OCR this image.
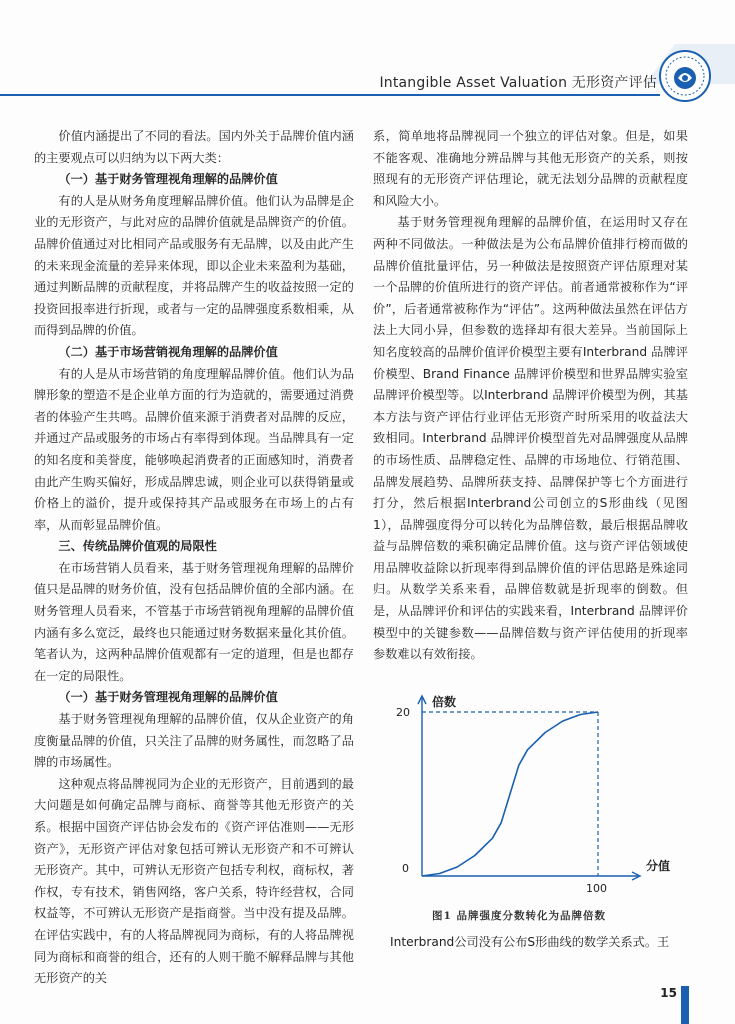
Intangible Asset Valuation 无形资产评估

价值内涵提出了不同的看法。国内外关于品牌价值内涵的主要观点可以归纳为以下两大类：

（一）基于财务管理视角理解的品牌价值

有的人是从财务角度理解品牌价值。他们认为品牌是企业的无形资产，与此对应的品牌价值就是品牌资产的价值。品牌价值通过对比相同产品或服务有无品牌，以及由此产生的未来现金流量的差异来体现，即以企业未来盈利为基础，通过判断品牌的贡献程度，并将品牌产生的收益按照一定的投资回报率进行折现，或者与一定的品牌强度系数相乘，从而得到品牌的价值。

（二）基于市场营销视角理解的品牌价值

有的人是从市场营销的角度理解品牌价值。他们认为品牌形象的塑造不是企业单方面的行为造就的，需要通过消费者的体验产生共鸣。品牌价值来源于消费者对品牌的反应，并通过产品或服务的市场占有率得到体现。当品牌具有一定的知名度和美誉度，能够唤起消费者的正面感知时，消费者由此产生购买偏好，形成品牌忠诚，则企业可以获得销量或价格上的溢价，提升或保持其产品或服务在市场上的占有率，从而彰显品牌价值。

三、传统品牌价值观的局限性

在市场营销人员看来，基于财务管理视角理解的品牌价值只是品牌的财务价值，没有包括品牌价值的全部内涵。在财务管理人员看来，不管基于市场营销视角理解的品牌价值内涵有多么宽泛，最终也只能通过财务数据来量化其价值。笔者认为，这两种品牌价值观都有一定的道理，但是也都存在一定的局限性。

（一）基于财务管理视角理解的品牌价值

基于财务管理视角理解的品牌价值，仅从企业资产的角度衡量品牌的价值，只关注了品牌的财务属性，而忽略了品牌的市场属性。

这种观点将品牌视同为企业的无形资产，目前遇到的最大问题是如何确定品牌与商标、商誉等其他无形资产的关系。根据中国资产评估协会发布的《资产评估准则——无形资产》，无形资产评估对象包括可辨认无形资产和不可辨认无形资产。其中，可辨认无形资产包括专利权，商标权，著作权，专有技术，销售网络，客户关系，特许经营权，合同权益等，不可辨认无形资产是指商誉。当中没有提及品牌。在评估实践中，有的人将品牌视同为商标，有的人将品牌视同为商标和商誉的组合，还有的人则干脆不解释品牌与其他无形资产的关

系，简单地将品牌视同一个独立的评估对象。但是，如果不能客观、准确地分辨品牌与其他无形资产的关系，则按照现有的无形资产评估理论，就无法划分品牌的贡献程度和风险大小。

基于财务管理视角理解的品牌价值，在运用时又存在两种不同做法。一种做法是为公布品牌价值排行榜而做的品牌价值批量评估，另一种做法是按照资产评估原理对某一个品牌的价值所进行的资产评估。前者通常被称作为“评价”，后者通常被称作为“评估”。这两种做法虽然在评估方法上大同小异，但参数的选择却有很大差异。当前国际上知名度较高的品牌价值评价模型主要有Interbrand 品牌评价模型、Brand Finance 品牌评价模型和世界品牌实验室品牌评价模型等。以Interbrand 品牌评价模型为例，其基本方法与资产评估行业评估无形资产时所采用的收益法大致相同。Interbrand 品牌评价模型首先对品牌强度从品牌的市场性质、品牌稳定性、品牌的市场地位、行销范围、品牌发展趋势、品牌所获支持、品牌保护等七个方面进行打分，然后根据Interbrand公司创立的S形曲线（见图1），品牌强度得分可以转化为品牌倍数，最后根据品牌收益与品牌倍数的乘积确定品牌价值。这与资产评估领域使用品牌收益除以折现率得到品牌价值的评估思路是殊途同归。从数学关系来看，品牌倍数就是折现率的倒数。但是，从品牌评价和评估的实践来看，Interbrand 品牌评价模型中的关键参数——品牌倍数与资产评估使用的折现率参数难以有效衔接。

倍数
20
0
100
分值
图1 品牌强度分数转化为品牌倍数
Interbrand公司没有公布S形曲线的数学关系式。王
15
